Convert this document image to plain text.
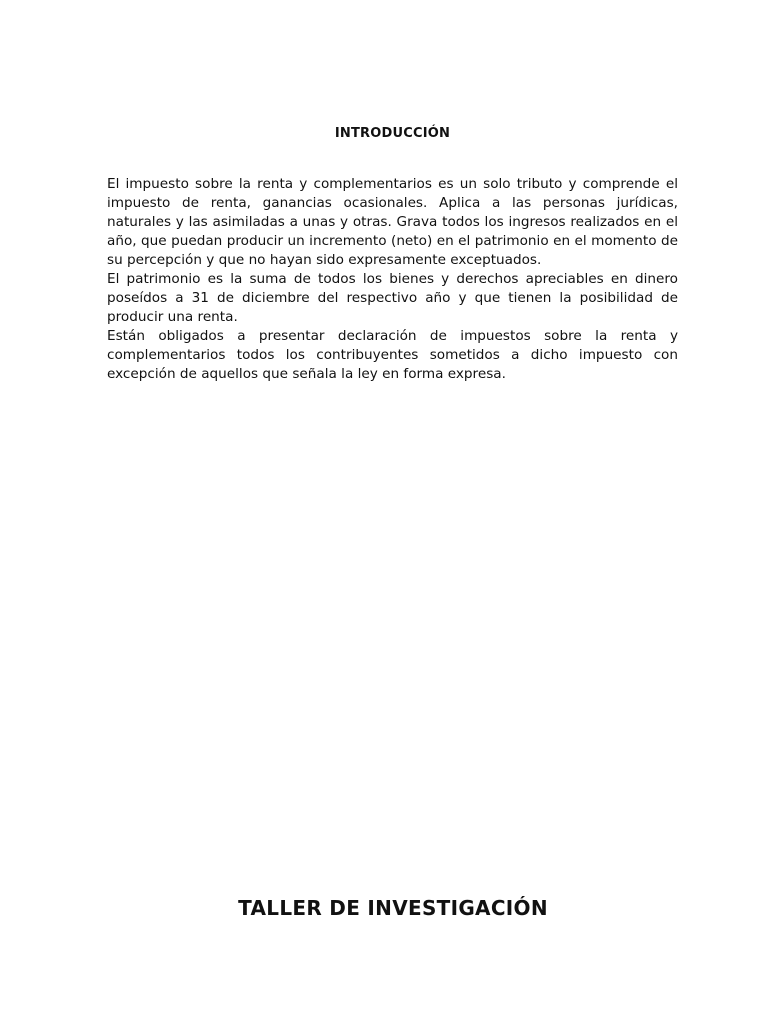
INTRODUCCIÓN

El impuesto sobre la renta y complementarios es un solo tributo y comprende el impuesto de renta, ganancias ocasionales. Aplica a las personas jurídicas, naturales y las asimiladas a unas y otras. Grava todos los ingresos realizados en el año, que puedan producir un incremento (neto) en el patrimonio en el momento de su percepción y que no hayan sido expresamente exceptuados.

El patrimonio es la suma de todos los bienes y derechos apreciables en dinero poseídos a 31 de diciembre del respectivo año y que tienen la posibilidad de producir una renta.

Están obligados a presentar declaración de impuestos sobre la renta y complementarios todos los contribuyentes sometidos a dicho impuesto con excepción de aquellos que señala la ley en forma expresa.

TALLER DE INVESTIGACIÓN
